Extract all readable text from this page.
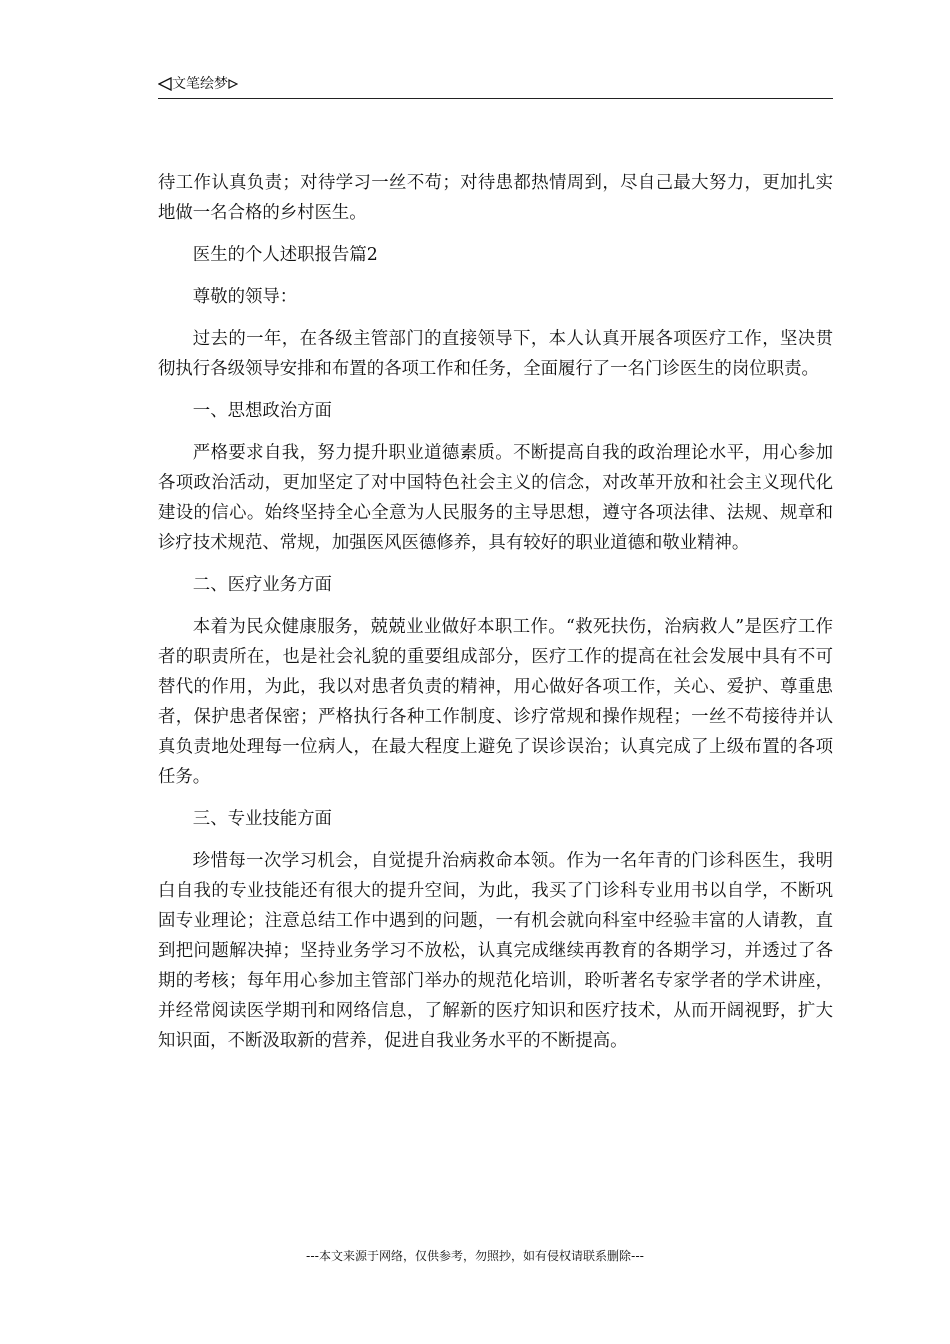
文笔绘梦

待工作认真负责；对待学习一丝不苟；对待患都热情周到，尽自己最大努力，更加扎实地做一名合格的乡村医生。

医生的个人述职报告篇2

尊敬的领导：

过去的一年，在各级主管部门的直接领导下，本人认真开展各项医疗工作，坚决贯彻执行各级领导安排和布置的各项工作和任务，全面履行了一名门诊医生的岗位职责。

一、思想政治方面

严格要求自我，努力提升职业道德素质。不断提高自我的政治理论水平，用心参加各项政治活动，更加坚定了对中国特色社会主义的信念，对改革开放和社会主义现代化建设的信心。始终坚持全心全意为人民服务的主导思想，遵守各项法律、法规、规章和诊疗技术规范、常规，加强医风医德修养，具有较好的职业道德和敬业精神。

二、医疗业务方面

本着为民众健康服务，兢兢业业做好本职工作。“救死扶伤，治病救人”是医疗工作者的职责所在，也是社会礼貌的重要组成部分，医疗工作的提高在社会发展中具有不可替代的作用，为此，我以对患者负责的精神，用心做好各项工作，关心、爱护、尊重患者，保护患者保密；严格执行各种工作制度、诊疗常规和操作规程；一丝不苟接待并认真负责地处理每一位病人，在最大程度上避免了误诊误治；认真完成了上级布置的各项任务。

三、专业技能方面

珍惜每一次学习机会，自觉提升治病救命本领。作为一名年青的门诊科医生，我明白自我的专业技能还有很大的提升空间，为此，我买了门诊科专业用书以自学，不断巩固专业理论；注意总结工作中遇到的问题，一有机会就向科室中经验丰富的人请教，直到把问题解决掉；坚持业务学习不放松，认真完成继续再教育的各期学习，并透过了各期的考核；每年用心参加主管部门举办的规范化培训，聆听著名专家学者的学术讲座，并经常阅读医学期刊和网络信息，了解新的医疗知识和医疗技术，从而开阔视野，扩大知识面，不断汲取新的营养，促进自我业务水平的不断提高。

---本文来源于网络，仅供参考，勿照抄，如有侵权请联系删除---
